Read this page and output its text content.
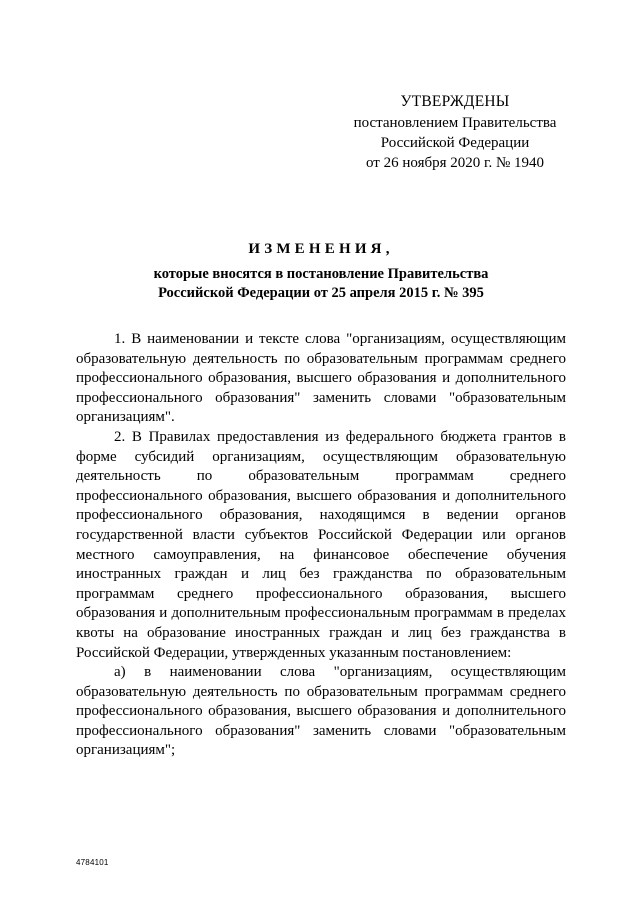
УТВЕРЖДЕНЫ
постановлением Правительства
Российской Федерации
от 26 ноября 2020 г. № 1940
ИЗМЕНЕНИЯ,
которые вносятся в постановление Правительства
Российской Федерации от 25 апреля 2015 г. № 395

1. В наименовании и тексте слова "организациям, осуществляющим образовательную деятельность по образовательным программам среднего профессионального образования, высшего образования и дополнительного профессионального образования" заменить словами "образовательным организациям".

2. В Правилах предоставления из федерального бюджета грантов в форме субсидий организациям, осуществляющим образовательную деятельность по образовательным программам среднего профессионального образования, высшего образования и дополнительного профессионального образования, находящимся в ведении органов государственной власти субъектов Российской Федерации или органов местного самоуправления, на финансовое обеспечение обучения иностранных граждан и лиц без гражданства по образовательным программам среднего профессионального образования, высшего образования и дополнительным профессиональным программам в пределах квоты на образование иностранных граждан и лиц без гражданства в Российской Федерации, утвержденных указанным постановлением:

а) в наименовании слова "организациям, осуществляющим образовательную деятельность по образовательным программам среднего профессионального образования, высшего образования и дополнительного профессионального образования" заменить словами "образовательным организациям";

4784101
